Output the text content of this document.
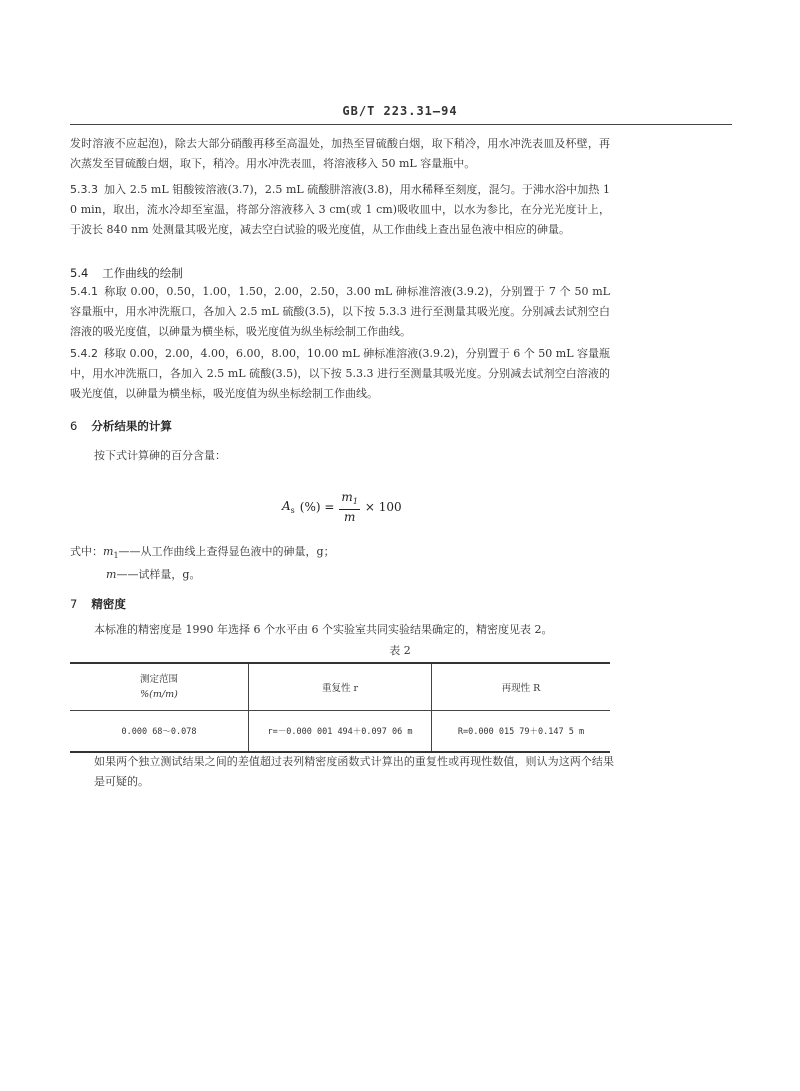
GB/T 223.31—94
发时溶液不应起泡)，除去大部分硝酸再移至高温处，加热至冒硫酸白烟，取下稍冷，用水冲洗表皿及杯壁，再次蒸发至冒硫酸白烟，取下，稍冷。用水冲洗表皿，将溶液移入 50 mL 容量瓶中。
5.3.3 加入 2.5 mL 钼酸铵溶液(3.7)，2.5 mL 硫酸肼溶液(3.8)，用水稀释至刻度，混匀。于沸水浴中加热 10 min，取出，流水冷却至室温，将部分溶液移入 3 cm(或 1 cm)吸收皿中，以水为参比，在分光光度计上，于波长 840 nm 处测量其吸光度，减去空白试验的吸光度值，从工作曲线上查出显色液中相应的砷量。
5.4 工作曲线的绘制
5.4.1 称取 0.00，0.50，1.00，1.50，2.00，2.50，3.00 mL 砷标准溶液(3.9.2)，分别置于 7 个 50 mL 容量瓶中，用水冲洗瓶口，各加入 2.5 mL 硫酸(3.5)，以下按 5.3.3 进行至测量其吸光度。分别减去试剂空白溶液的吸光度值，以砷量为横坐标，吸光度值为纵坐标绘制工作曲线。
5.4.2 移取 0.00，2.00，4.00，6.00，8.00，10.00 mL 砷标准溶液(3.9.2)，分别置于 6 个 50 mL 容量瓶中，用水冲洗瓶口，各加入 2.5 mL 硫酸(3.5)，以下按 5.3.3 进行至测量其吸光度。分别减去试剂空白溶液的吸光度值，以砷量为横坐标，吸光度值为纵坐标绘制工作曲线。
6 分析结果的计算
按下式计算砷的百分含量：
$A_s$ (%) = $\frac{m_1}{m} \times 100$
式中：$m_1——$从工作曲线上查得显色液中的砷量，g；
m——试样量，g。
7 精密度
本标准的精密度是 1990 年选择 6 个水平由 6 个实验室共同实验结果确定的，精密度见表 2。
表 2
测定范围
%(m/m)	重复性 r	再现性 R
0.000 68～0.078	r=－0.000 001 494＋0.097 06 m	R=0.000 015 79＋0.147 5 m
如果两个独立测试结果之间的差值超过表列精密度函数式计算出的重复性或再现性数值，则认为这两个结果是可疑的。
